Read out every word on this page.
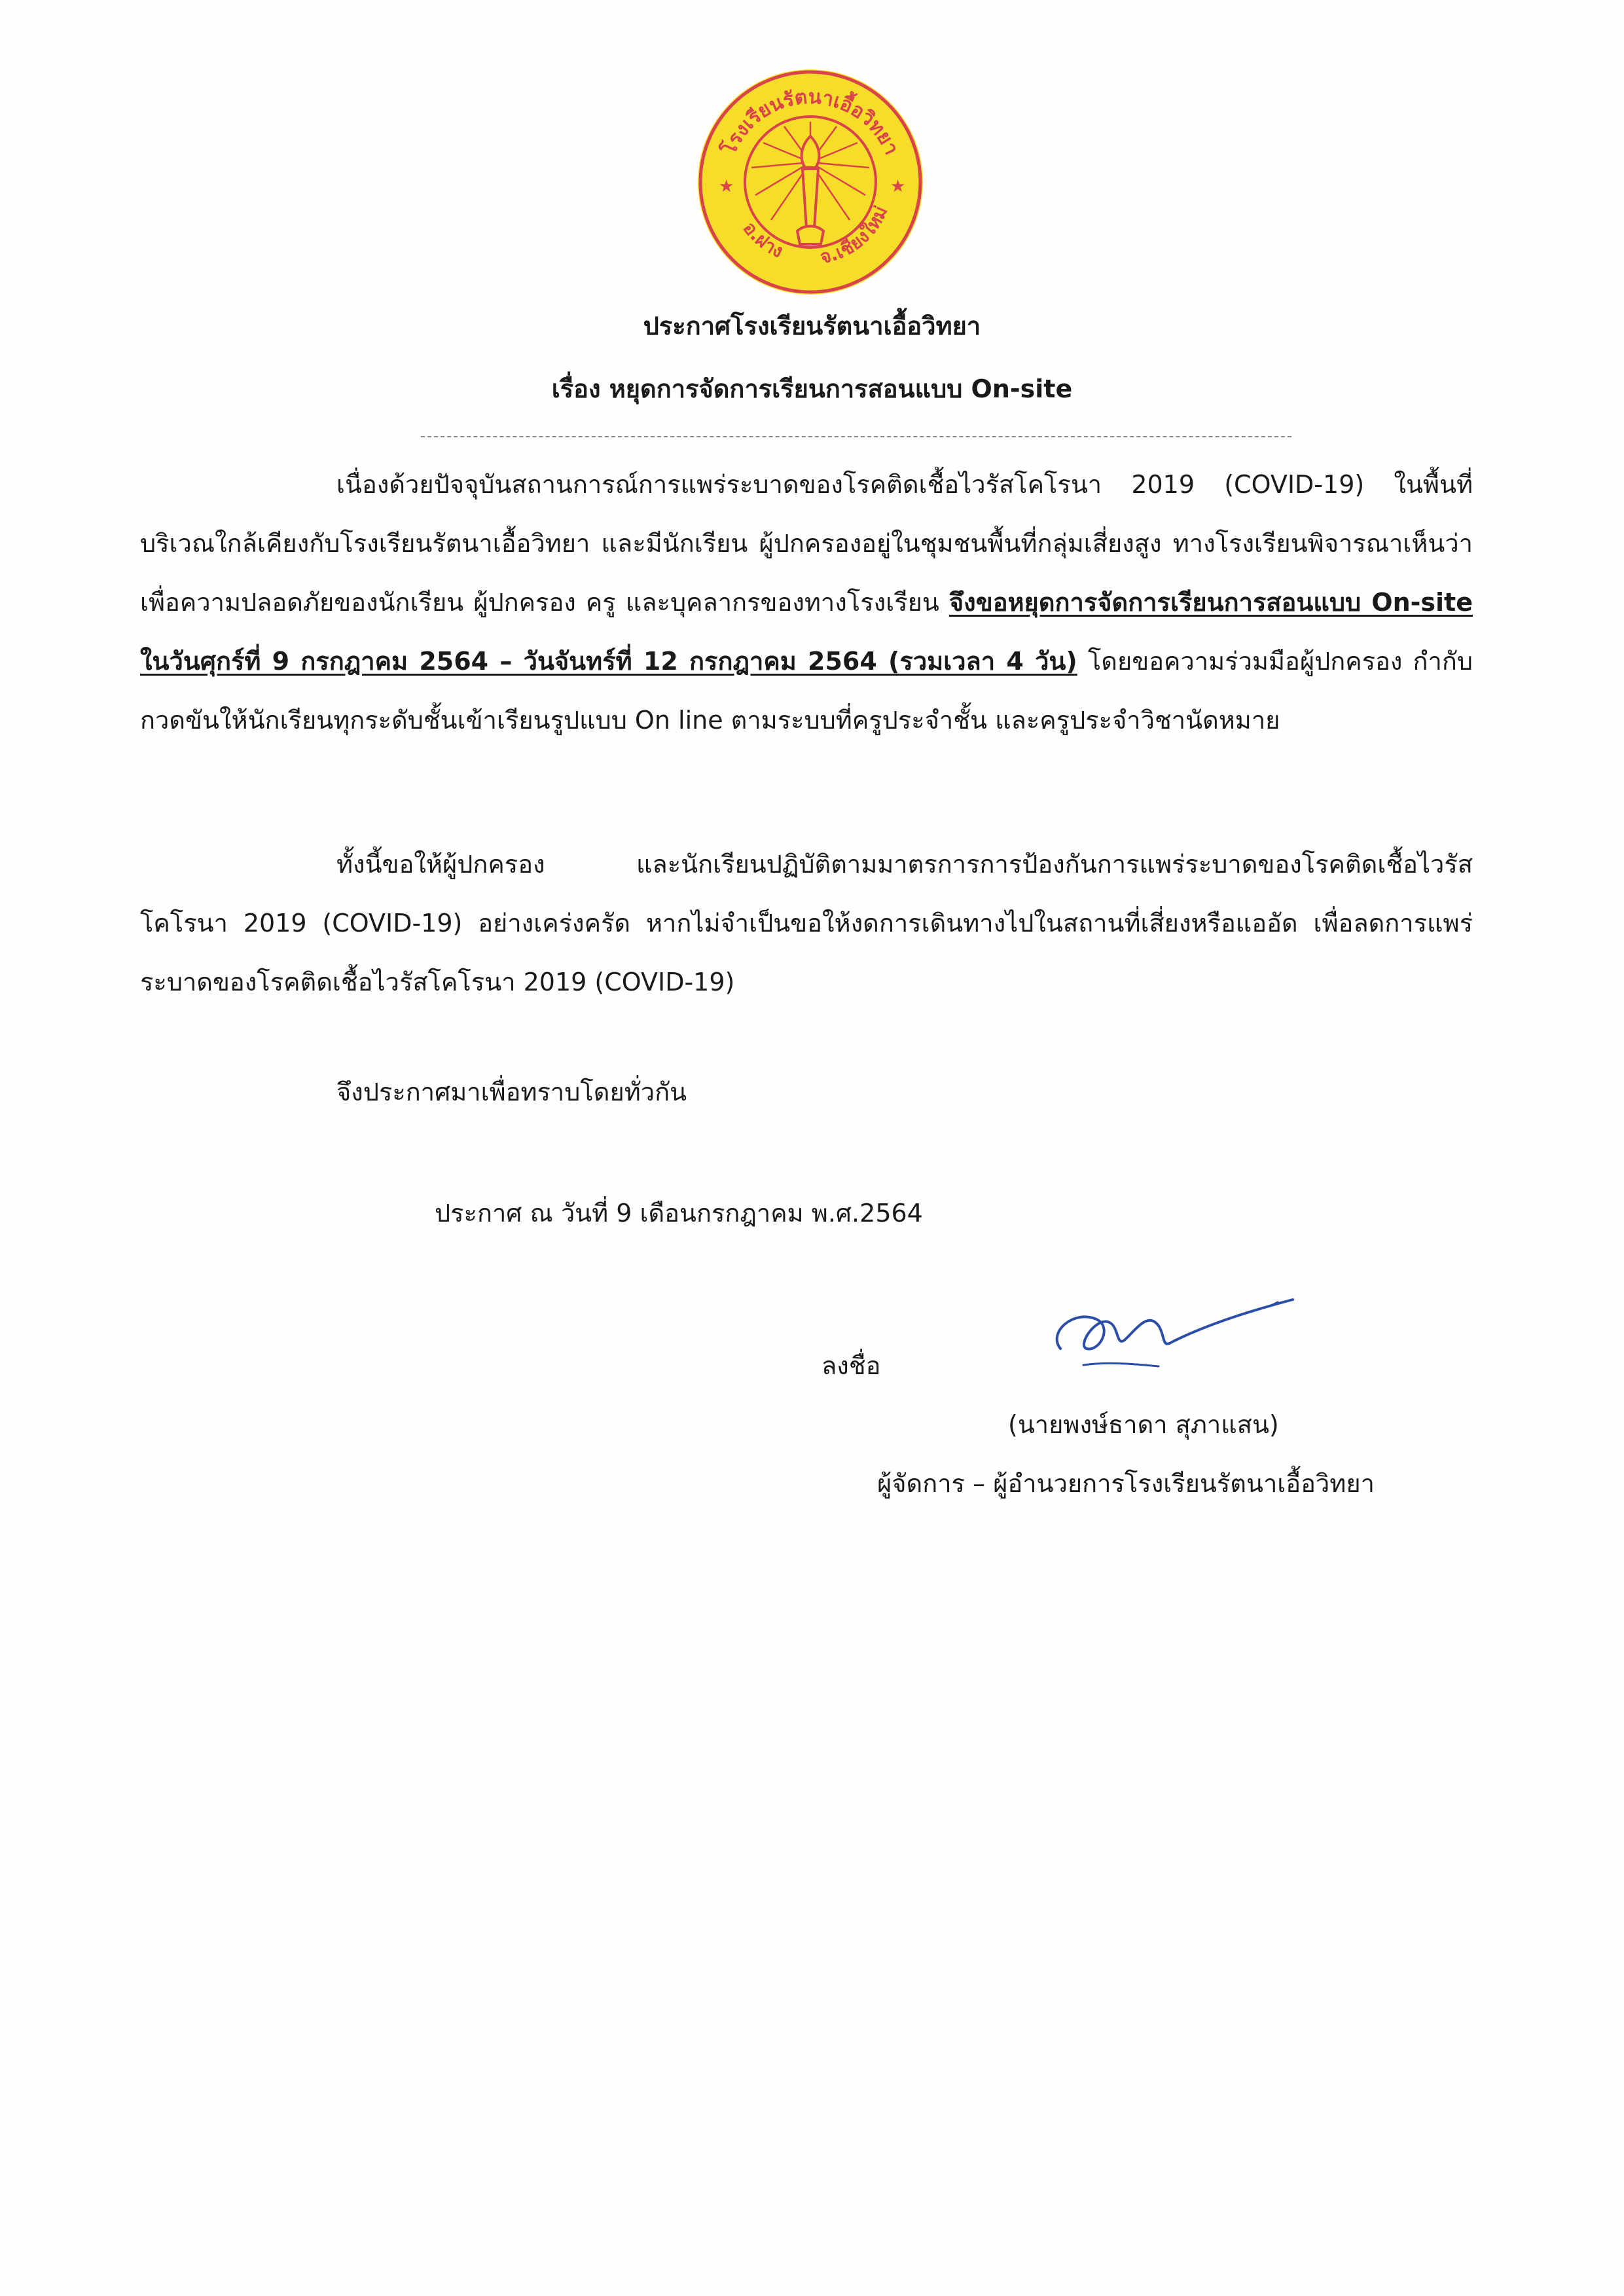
★	★
โรงเรียนรัตนาเอื้อวิทยา
อ.ฝาง จ.เชียงใหม่
ประกาศโรงเรียนรัตนาเอื้อวิทยา
เรื่อง หยุดการจัดการเรียนการสอนแบบ On-site
เนื่องด้วยปัจจุบันสถานการณ์การแพร่ระบาดของโรคติดเชื้อไวรัสโคโรนา 2019 (COVID-19) ในพื้นที่บริเวณใกล้เคียงกับโรงเรียนรัตนาเอื้อวิทยา และมีนักเรียน ผู้ปกครองอยู่ในชุมชนพื้นที่กลุ่มเสี่ยงสูง ทางโรงเรียนพิจารณาเห็นว่าเพื่อความปลอดภัยของนักเรียน ผู้ปกครอง ครู และบุคลากรของทางโรงเรียน จึงขอหยุดการจัดการเรียนการสอนแบบ On-site ในวันศุกร์ที่ 9 กรกฎาคม 2564 – วันจันทร์ที่ 12 กรกฎาคม 2564 (รวมเวลา 4 วัน) โดยขอความร่วมมือผู้ปกครอง กำกับ กวดขันให้นักเรียนทุกระดับชั้นเข้าเรียนรูปแบบ On line ตามระบบที่ครูประจำชั้น และครูประจำวิชานัดหมาย
ทั้งนี้ขอให้ผู้ปกครอง และนักเรียนปฏิบัติตามมาตรการการป้องกันการแพร่ระบาดของโรคติดเชื้อไวรัสโคโรนา 2019 (COVID-19) อย่างเคร่งครัด หากไม่จำเป็นขอให้งดการเดินทางไปในสถานที่เสี่ยงหรือแออัด เพื่อลดการแพร่ระบาดของโรคติดเชื้อไวรัสโคโรนา 2019 (COVID-19)
จึงประกาศมาเพื่อทราบโดยทั่วกัน
ประกาศ ณ วันที่ 9 เดือนกรกฎาคม พ.ศ.2564
ลงชื่อ
(นายพงษ์ธาดา สุภาแสน)
ผู้จัดการ – ผู้อำนวยการโรงเรียนรัตนาเอื้อวิทยา
